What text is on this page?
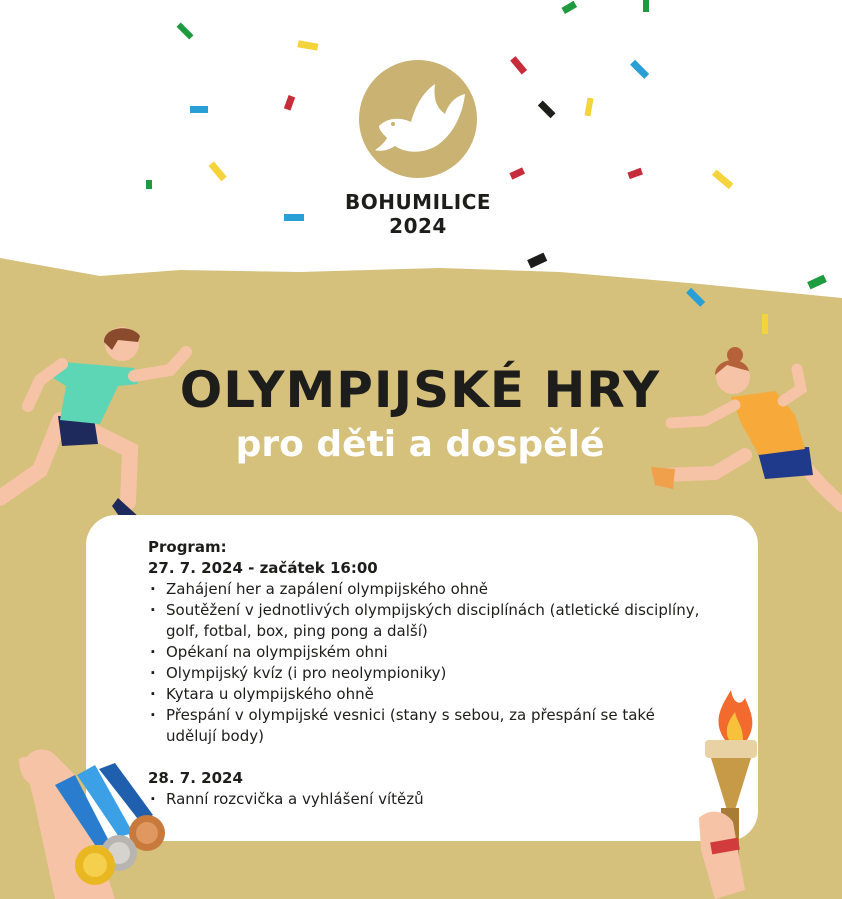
BOHUMILICE
2024
OLYMPIJSKÉ HRY
pro děti a dospělé
Program:
27. 7. 2024 - začátek 16:00
· Zahájení her a zapálení olympijského ohně
· Soutěžení v jednotlivých olympijských disciplínách (atletické disciplíny, golf, fotbal, box, ping pong a další)
· Opékaní na olympijském ohni
· Olympijský kvíz (i pro neolympioniky)
· Kytara u olympijského ohně
· Přespání v olympijské vesnici (stany s sebou, za přespání se také udělují body)
28. 7. 2024
· Ranní rozcvička a vyhlášení vítězů
